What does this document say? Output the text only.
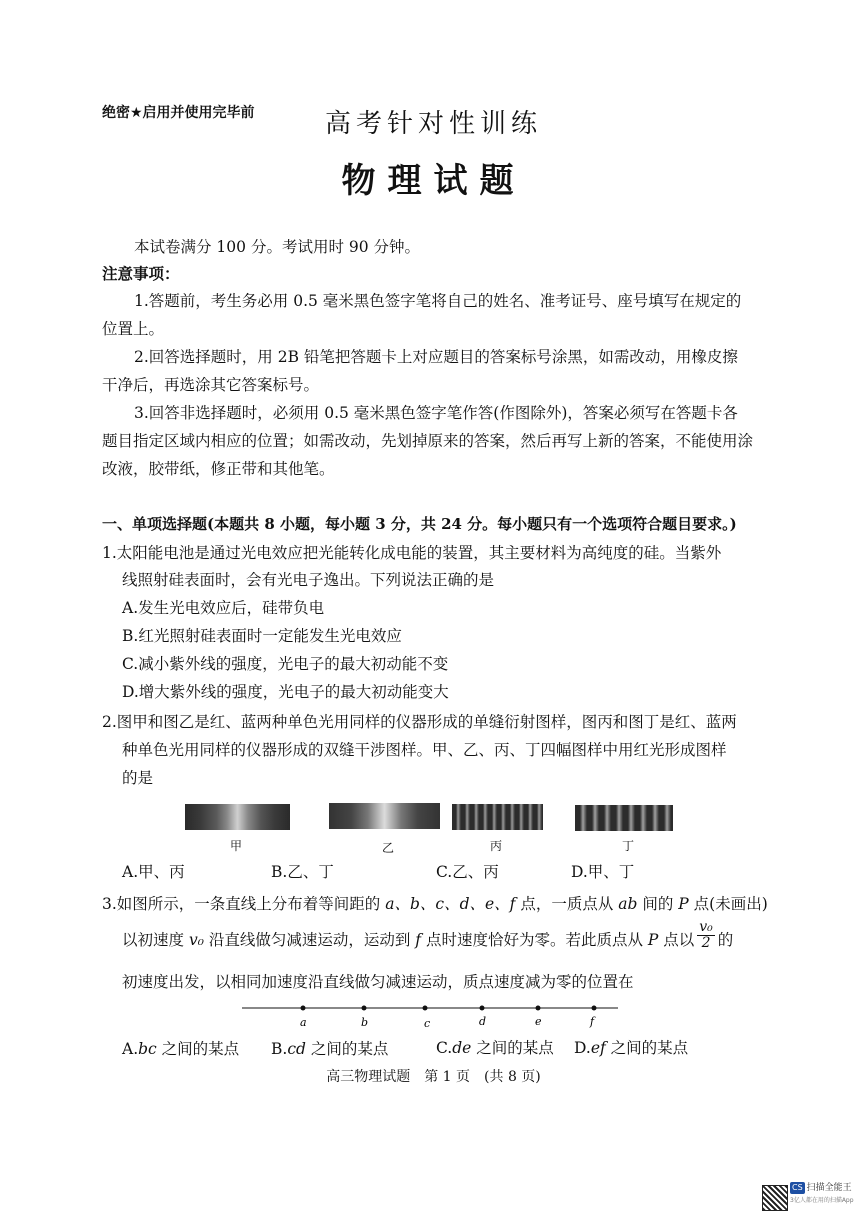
绝密★启用并使用完毕前	高考针对性训练
物理试题
本试卷满分 100 分。考试用时 90 分钟。
注意事项：
1.答题前，考生务必用 0.5 毫米黑色签字笔将自己的姓名、准考证号、座号填写在规定的
位置上。
2.回答选择题时，用 2B 铅笔把答题卡上对应题目的答案标号涂黑，如需改动，用橡皮擦
干净后，再选涂其它答案标号。
3.回答非选择题时，必须用 0.5 毫米黑色签字笔作答(作图除外)，答案必须写在答题卡各
题目指定区域内相应的位置；如需改动，先划掉原来的答案，然后再写上新的答案，不能使用涂
改液，胶带纸，修正带和其他笔。
一、单项选择题(本题共 8 小题，每小题 3 分，共 24 分。每小题只有一个选项符合题目要求。)
1.太阳能电池是通过光电效应把光能转化成电能的装置，其主要材料为高纯度的硅。当紫外
线照射硅表面时，会有光电子逸出。下列说法正确的是
A.发生光电效应后，硅带负电
B.红光照射硅表面时一定能发生光电效应
C.减小紫外线的强度，光电子的最大初动能不变
D.增大紫外线的强度，光电子的最大初动能变大
2.图甲和图乙是红、蓝两种单色光用同样的仪器形成的单缝衍射图样，图丙和图丁是红、蓝两
种单色光用同样的仪器形成的双缝干涉图样。甲、乙、丙、丁四幅图样中用红光形成图样
的是
甲	乙	丙	丁
A.甲、丙	B.乙、丁	C.乙、丙	D.甲、丁
3.如图所示，一条直线上分布着等间距的 a、b、c、d、e、f 点，一质点从 ab 间的 P 点(未画出)
以初速度 v₀ 沿直线做匀减速运动，运动到 f 点时速度恰好为零。若此质点从 P 点以 $\frac{\text{v₀}}{2}$ 的
初速度出发，以相同加速度沿直线做匀减速运动，质点速度减为零的位置在
a	b	c	d	e	f
A.bc 之间的某点 B.cd 之间的某点	C.de 之间的某点 D.ef 之间的某点
高三物理试题　第 1 页　(共 8 页)
CS 扫描全能王
3亿人都在用的扫描App
